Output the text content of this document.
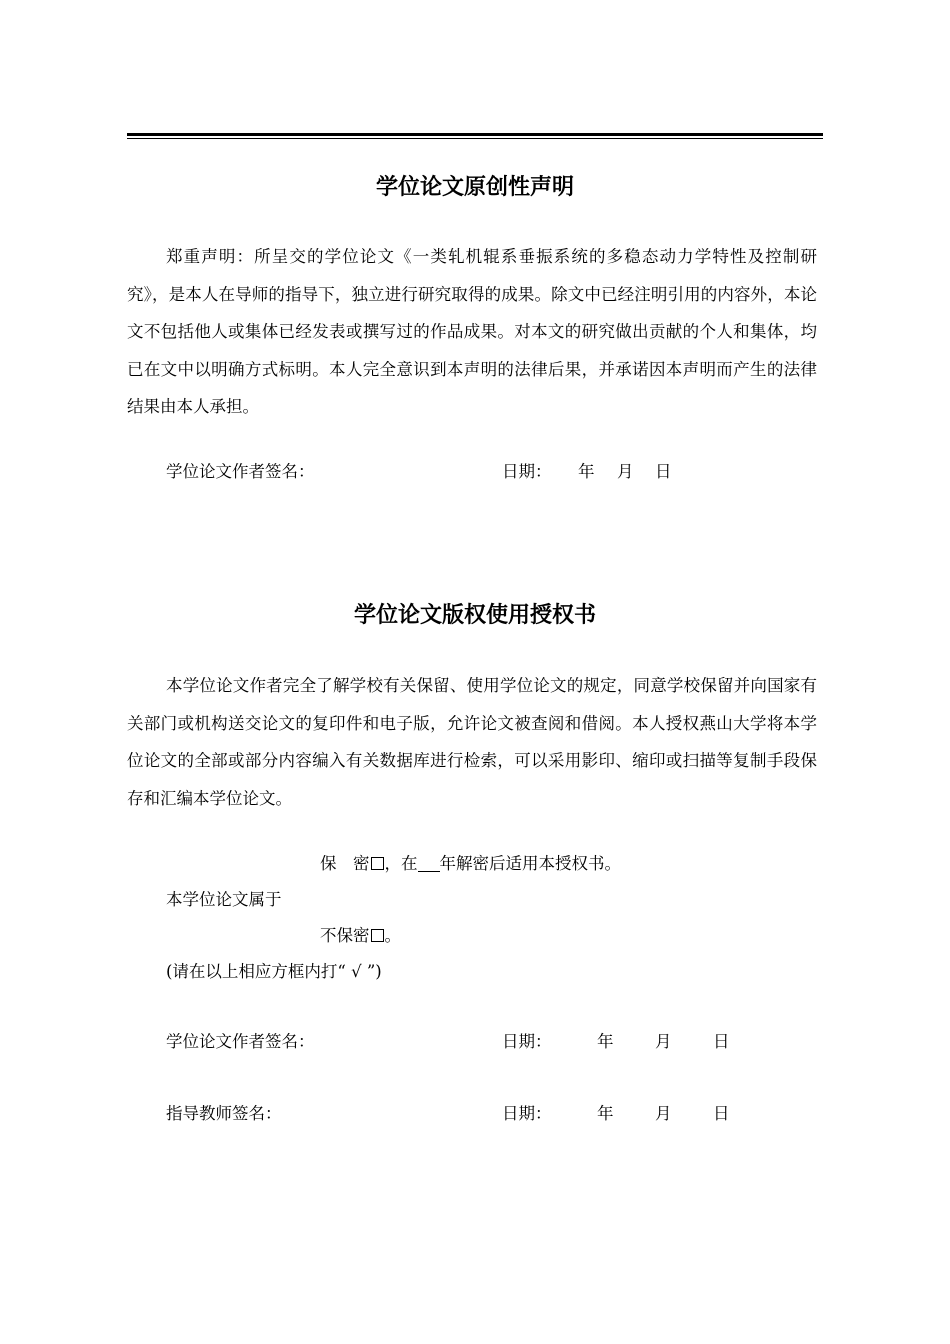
学位论文原创性声明

郑重声明：所呈交的学位论文《一类轧机辊系垂振系统的多稳态动力学特性及控制研究》，是本人在导师的指导下，独立进行研究取得的成果。除文中已经注明引用的内容外，本论文不包括他人或集体已经发表或撰写过的作品成果。对本文的研究做出贡献的个人和集体，均已在文中以明确方式标明。本人完全意识到本声明的法律后果，并承诺因本声明而产生的法律结果由本人承担。

学位论文作者签名：	日期： 年 月 日
学位论文版权使用授权书

本学位论文作者完全了解学校有关保留、使用学位论文的规定，同意学校保留并向国家有关部门或机构送交论文的复印件和电子版，允许论文被查阅和借阅。本人授权燕山大学将本学位论文的全部或部分内容编入有关数据库进行检索，可以采用影印、缩印或扫描等复制手段保存和汇编本学位论文。

保　密 ，在 年解密后适用本授权书。
本学位论文属于
不保密 。
(请在以上相应方框内打“ √ ”)
学位论文作者签名：	日期：	年	月	日
指导教师签名：	日期：	年	月	日
